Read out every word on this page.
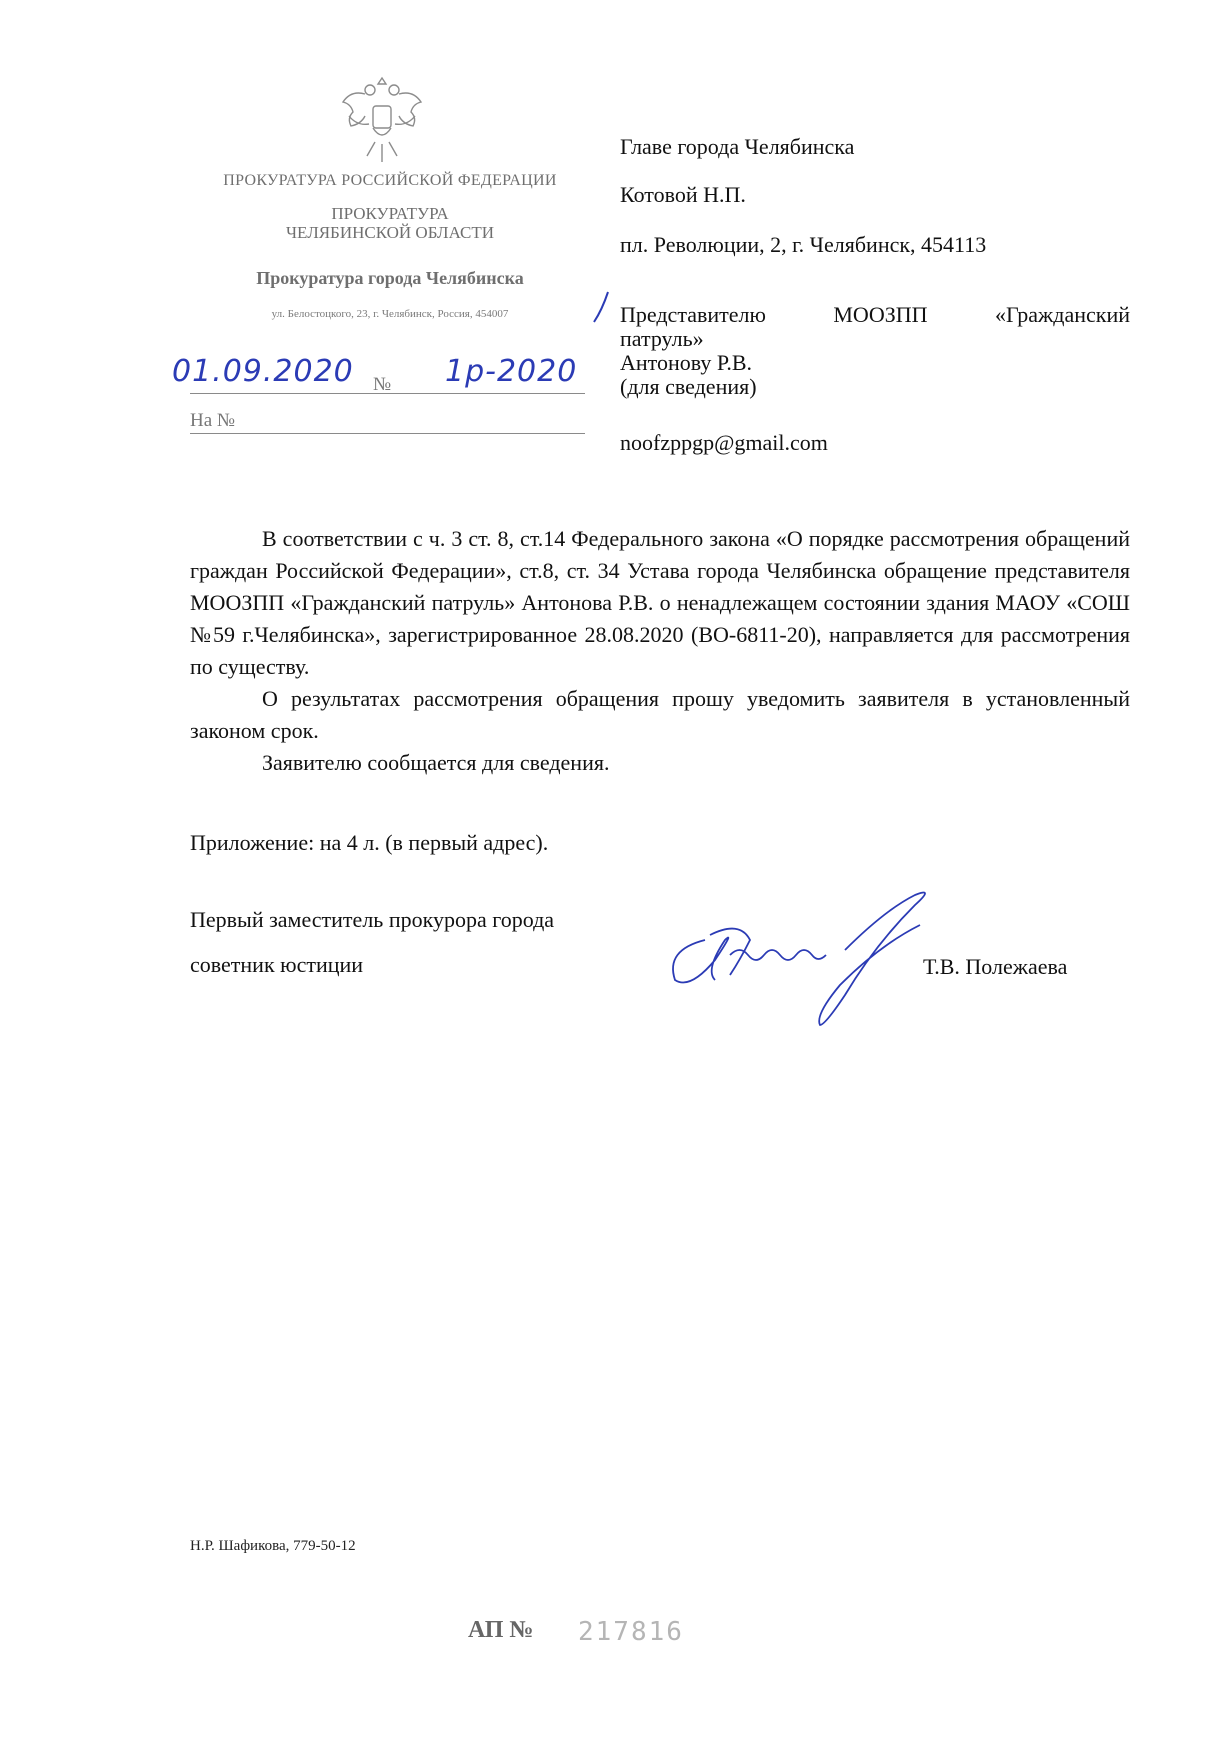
ПРОКУРАТУРА РОССИЙСКОЙ ФЕДЕРАЦИИ
ПРОКУРАТУРА
ЧЕЛЯБИНСКОЙ ОБЛАСТИ
Прокуратура города Челябинска
ул. Белостоцкого, 23, г. Челябинск, Россия, 454007
01.09.2020 № 1р-2020
На №
Главе города Челябинска
Котовой Н.П.
пл. Революции, 2, г. Челябинск, 454113
Представителю МООЗПП «Гражданский
патруль»
Антонову Р.В.
(для сведения)
noofzppgp@gmail.com

В соответствии с ч. 3 ст. 8, ст.14 Федерального закона «О порядке рассмотрения обращений граждан Российской Федерации», ст.8, ст. 34 Устава города Челябинска обращение представителя МООЗПП «Гражданский патруль» Антонова Р.В. о ненадлежащем состоянии здания МАОУ «СОШ №59 г.Челябинска», зарегистрированное 28.08.2020 (ВО-6811-20), направляется для рассмотрения по существу.

О результатах рассмотрения обращения прошу уведомить заявителя в установленный законом срок.

Заявителю сообщается для сведения.

Приложение: на 4 л. (в первый адрес).
Первый заместитель прокурора города
советник юстиции	Т.В. Полежаева
Н.Р. Шафикова, 779-50-12
АП № 217816
